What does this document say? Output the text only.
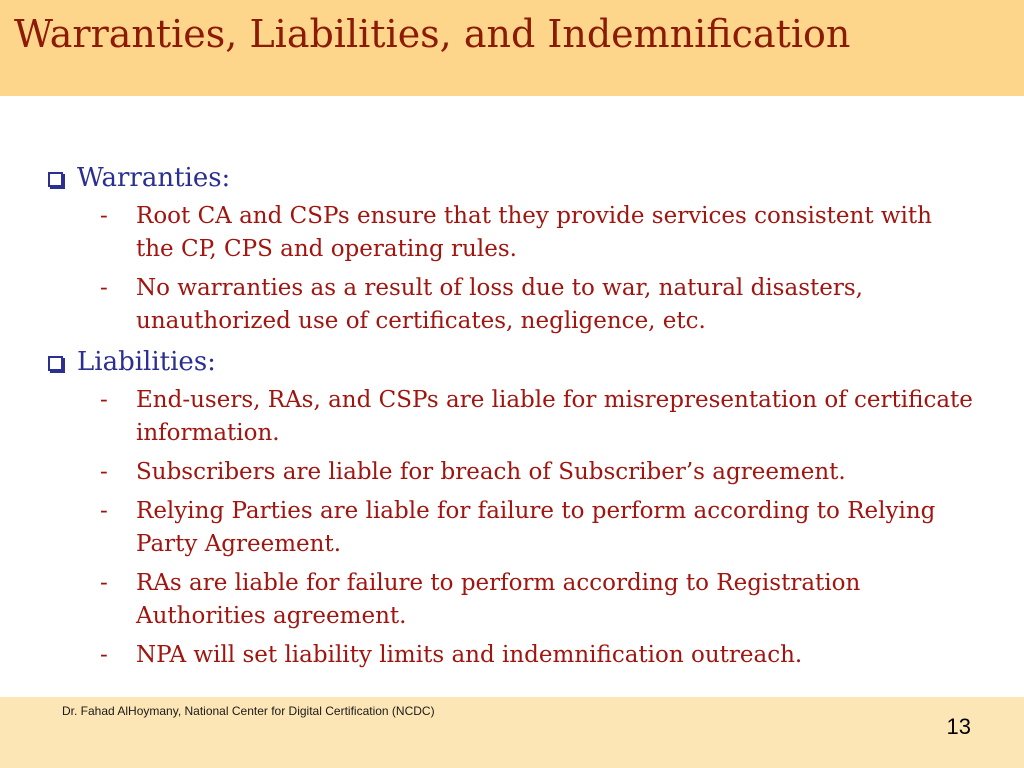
Warranties, Liabilities, and Indemnification
Warranties:
- Root CA and CSPs ensure that they provide services consistent with the CP, CPS and operating rules.
- No warranties as a result of loss due to war, natural disasters, unauthorized use of certificates, negligence, etc.
Liabilities:
- End-users, RAs, and CSPs are liable for misrepresentation of certificate information.
- Subscribers are liable for breach of Subscriber’s agreement.
- Relying Parties are liable for failure to perform according to Relying Party Agreement.
- RAs are liable for failure to perform according to Registration Authorities agreement.
- NPA will set liability limits and indemnification outreach.
Dr. Fahad AlHoymany, National Center for Digital Certification (NCDC)
13
